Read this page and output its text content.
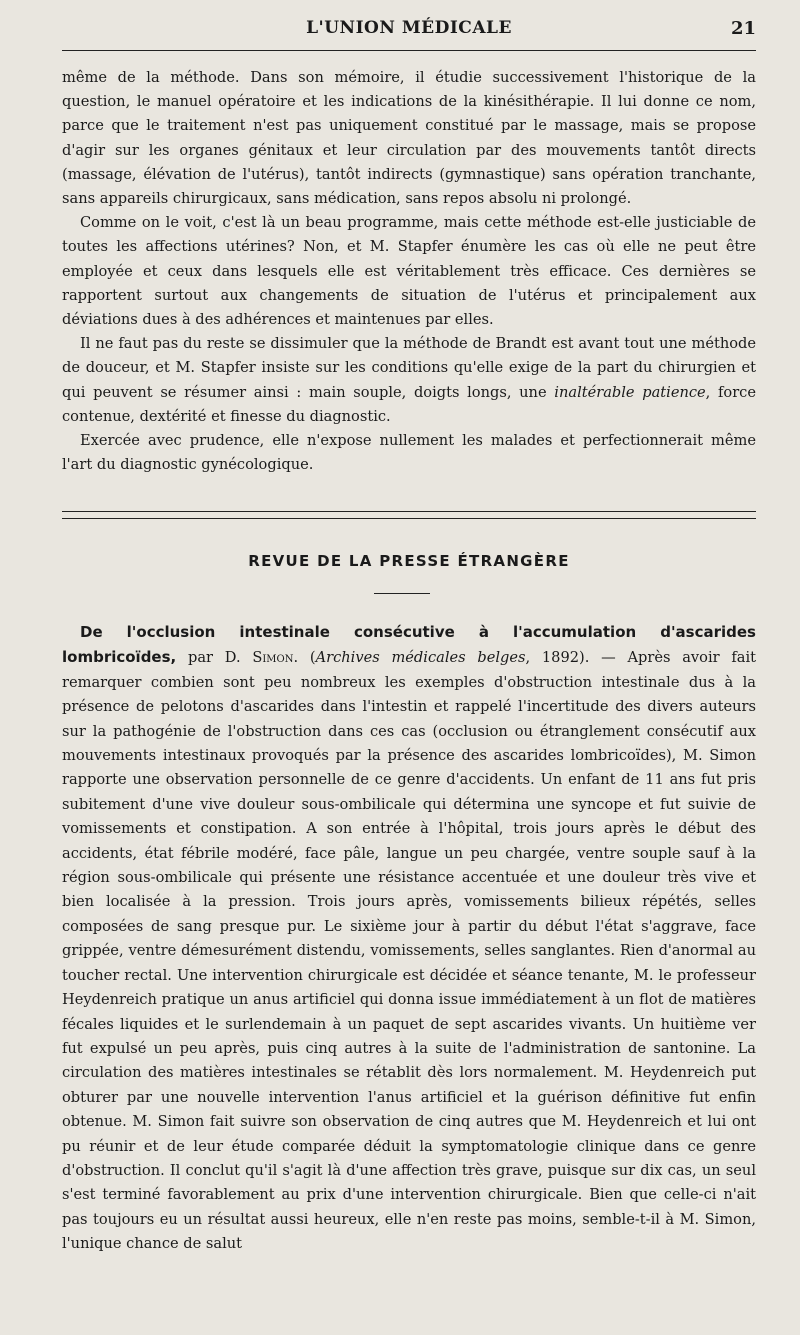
L'UNION MÉDICALE	21

même de la méthode. Dans son mémoire, il étudie successivement l'historique de la question, le manuel opératoire et les indications de la kinésithérapie. Il lui donne ce nom, parce que le traitement n'est pas uniquement constitué par le massage, mais se propose d'agir sur les organes génitaux et leur circulation par des mouvements tantôt directs (massage, élévation de l'utérus), tantôt indirects (gymnastique) sans opération tranchante, sans appareils chirurgicaux, sans médication, sans repos absolu ni prolongé.

Comme on le voit, c'est là un beau programme, mais cette méthode est-elle justiciable de toutes les affections utérines? Non, et M. Stapfer énumère les cas où elle ne peut être employée et ceux dans lesquels elle est véritablement très efficace. Ces dernières se rapportent surtout aux changements de situation de l'utérus et principalement aux déviations dues à des adhérences et maintenues par elles.

Il ne faut pas du reste se dissimuler que la méthode de Brandt est avant tout une méthode de douceur, et M. Stapfer insiste sur les conditions qu'elle exige de la part du chirurgien et qui peuvent se résumer ainsi : main souple, doigts longs, une inaltérable patience, force contenue, dextérité et finesse du diagnostic.

Exercée avec prudence, elle n'expose nullement les malades et perfectionnerait même l'art du diagnostic gynécologique.

REVUE DE LA PRESSE ÉTRANGÈRE

De l'occlusion intestinale consécutive à l'accumulation d'ascarides lombricoïdes, par D. Simon. (Archives médicales belges, 1892). — Après avoir fait remarquer combien sont peu nombreux les exemples d'obstruction intestinale dus à la présence de pelotons d'ascarides dans l'intestin et rappelé l'incertitude des divers auteurs sur la pathogénie de l'obstruction dans ces cas (occlusion ou étranglement consécutif aux mouvements intestinaux provoqués par la présence des ascarides lombricoïdes), M. Simon rapporte une observation personnelle de ce genre d'accidents. Un enfant de 11 ans fut pris subitement d'une vive douleur sous-ombilicale qui détermina une syncope et fut suivie de vomissements et constipation. A son entrée à l'hôpital, trois jours après le début des accidents, état fébrile modéré, face pâle, langue un peu chargée, ventre souple sauf à la région sous-ombilicale qui présente une résistance accentuée et une douleur très vive et bien localisée à la pression. Trois jours après, vomissements bilieux répétés, selles composées de sang presque pur. Le sixième jour à partir du début l'état s'aggrave, face grippée, ventre démesurément distendu, vomissements, selles sanglantes. Rien d'anormal au toucher rectal. Une intervention chirurgicale est décidée et séance tenante, M. le professeur Heydenreich pratique un anus artificiel qui donna issue immédiatement à un flot de matières fécales liquides et le surlendemain à un paquet de sept ascarides vivants. Un huitième ver fut expulsé un peu après, puis cinq autres à la suite de l'administration de santonine. La circulation des matières intestinales se rétablit dès lors normalement. M. Heydenreich put obturer par une nouvelle intervention l'anus artificiel et la guérison définitive fut enfin obtenue. M. Simon fait suivre son observation de cinq autres que M. Heydenreich et lui ont pu réunir et de leur étude comparée déduit la symptomatologie clinique dans ce genre d'obstruction. Il conclut qu'il s'agit là d'une affection très grave, puisque sur dix cas, un seul s'est terminé favorablement au prix d'une intervention chirurgicale. Bien que celle-ci n'ait pas toujours eu un résultat aussi heureux, elle n'en reste pas moins, semble-t-il à M. Simon, l'unique chance de salut
